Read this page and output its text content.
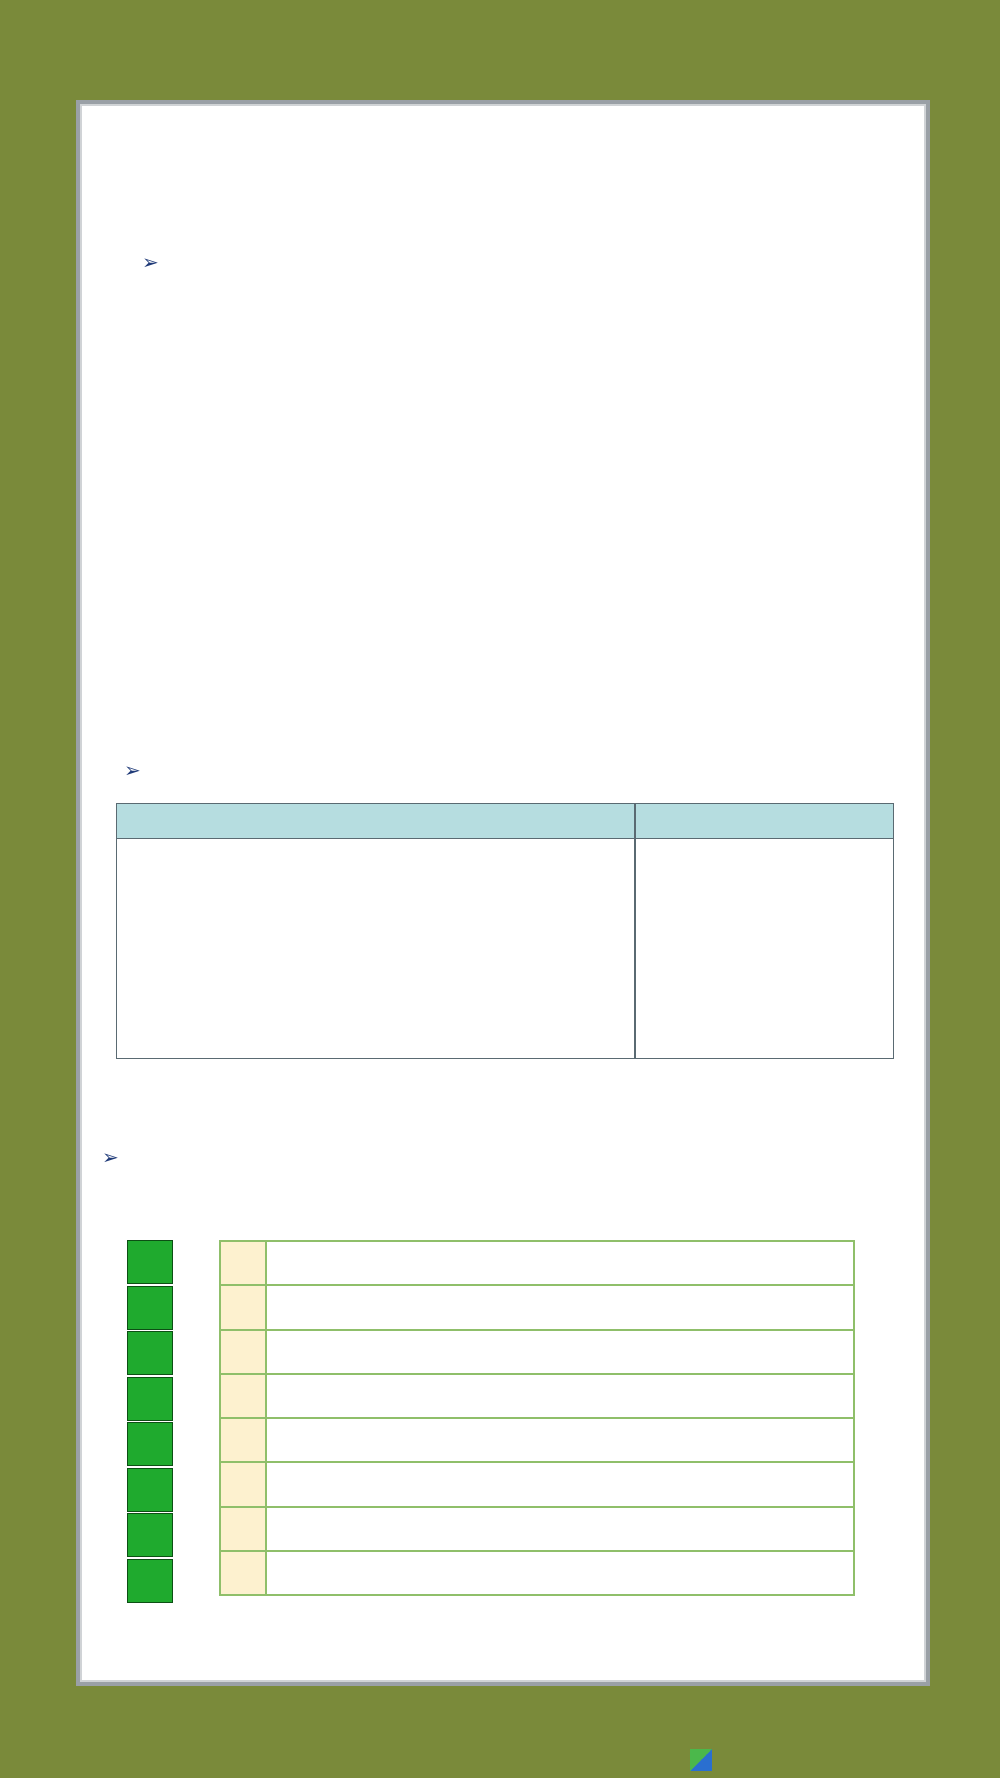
➢
➢
➢
